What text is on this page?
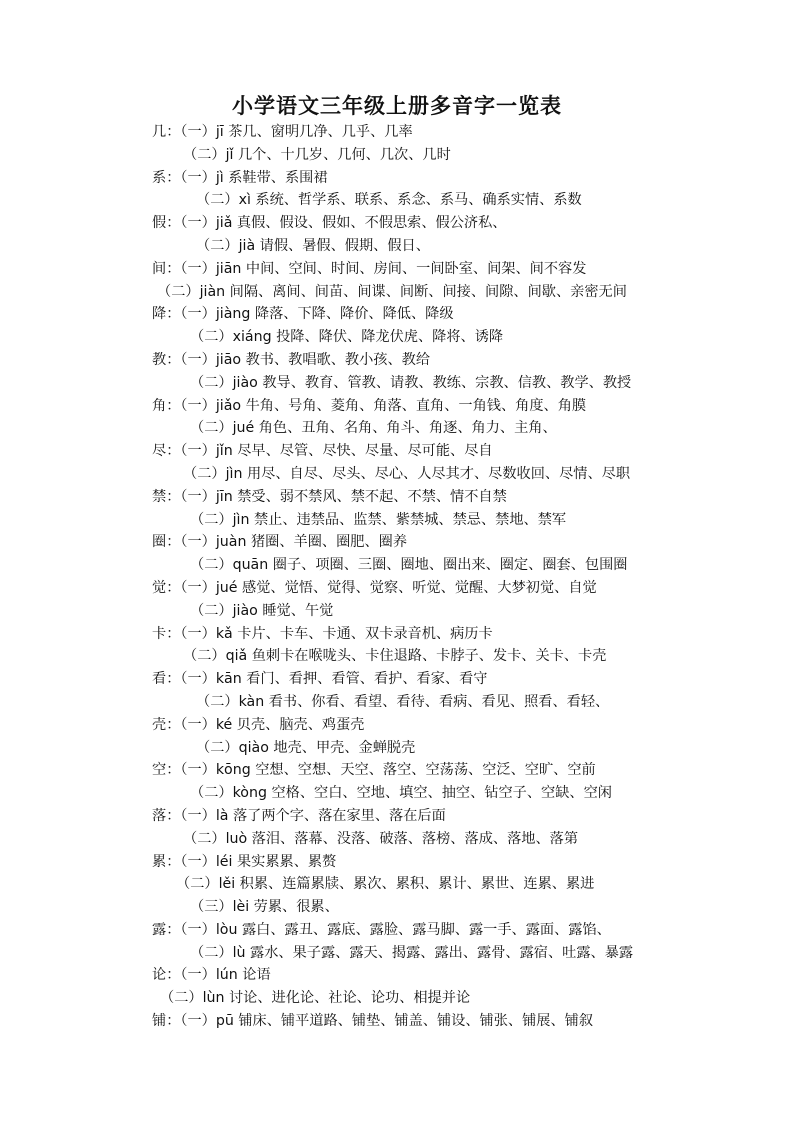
小学语文三年级上册多音字一览表
几：（一）jī 茶几、窗明几净、几乎、几率
（二）jǐ 几个、十几岁、几何、几次、几时
系：（一）jì 系鞋带、系围裙
（二）xì 系统、哲学系、联系、系念、系马、确系实情、系数
假：（一）jiǎ 真假、假设、假如、不假思索、假公济私、
（二）jià 请假、暑假、假期、假日、
间：（一）jiān 中间、空间、时间、房间、一间卧室、间架、间不容发
（二）jiàn 间隔、离间、间苗、间谍、间断、间接、间隙、间歇、亲密无间
降：（一）jiàng 降落、下降、降价、降低、降级
（二）xiáng 投降、降伏、降龙伏虎、降将、诱降
教：（一）jiāo 教书、教唱歌、教小孩、教给
（二）jiào 教导、教育、管教、请教、教练、宗教、信教、教学、教授
角：（一）jiǎo 牛角、号角、菱角、角落、直角、一角钱、角度、角膜
（二）jué 角色、丑角、名角、角斗、角逐、角力、主角、
尽：（一）jǐn 尽早、尽管、尽快、尽量、尽可能、尽自
（二）jìn 用尽、自尽、尽头、尽心、人尽其才、尽数收回、尽情、尽职
禁：（一）jīn 禁受、弱不禁风、禁不起、不禁、情不自禁
（二）jìn 禁止、违禁品、监禁、紫禁城、禁忌、禁地、禁军
圈：（一）juàn 猪圈、羊圈、圈肥、圈养
（二）quān 圈子、项圈、三圈、圈地、圈出来、圈定、圈套、包围圈
觉：（一）jué 感觉、觉悟、觉得、觉察、听觉、觉醒、大梦初觉、自觉
（二）jiào 睡觉、午觉
卡：（一）kǎ 卡片、卡车、卡通、双卡录音机、病历卡
（二）qiǎ 鱼刺卡在喉咙头、卡住退路、卡脖子、发卡、关卡、卡壳
看：（一）kān 看门、看押、看管、看护、看家、看守
（二）kàn 看书、你看、看望、看待、看病、看见、照看、看轻、
壳：（一）ké 贝壳、脑壳、鸡蛋壳
（二）qiào 地壳、甲壳、金蝉脱壳
空：（一）kōng 空想、空想、天空、落空、空荡荡、空泛、空旷、空前
（二）kòng 空格、空白、空地、填空、抽空、钻空子、空缺、空闲
落：（一）là 落了两个字、落在家里、落在后面
（二）luò 落泪、落幕、没落、破落、落榜、落成、落地、落第
累：（一）léi 果实累累、累赘
（二）lěi 积累、连篇累牍、累次、累积、累计、累世、连累、累进
（三）lèi 劳累、很累、
露：（一）lòu 露白、露丑、露底、露脸、露马脚、露一手、露面、露馅、
（二）lù 露水、果子露、露天、揭露、露出、露骨、露宿、吐露、暴露
论：（一）lún 论语
（二）lùn 讨论、进化论、社论、论功、相提并论
铺：（一）pū 铺床、铺平道路、铺垫、铺盖、铺设、铺张、铺展、铺叙
